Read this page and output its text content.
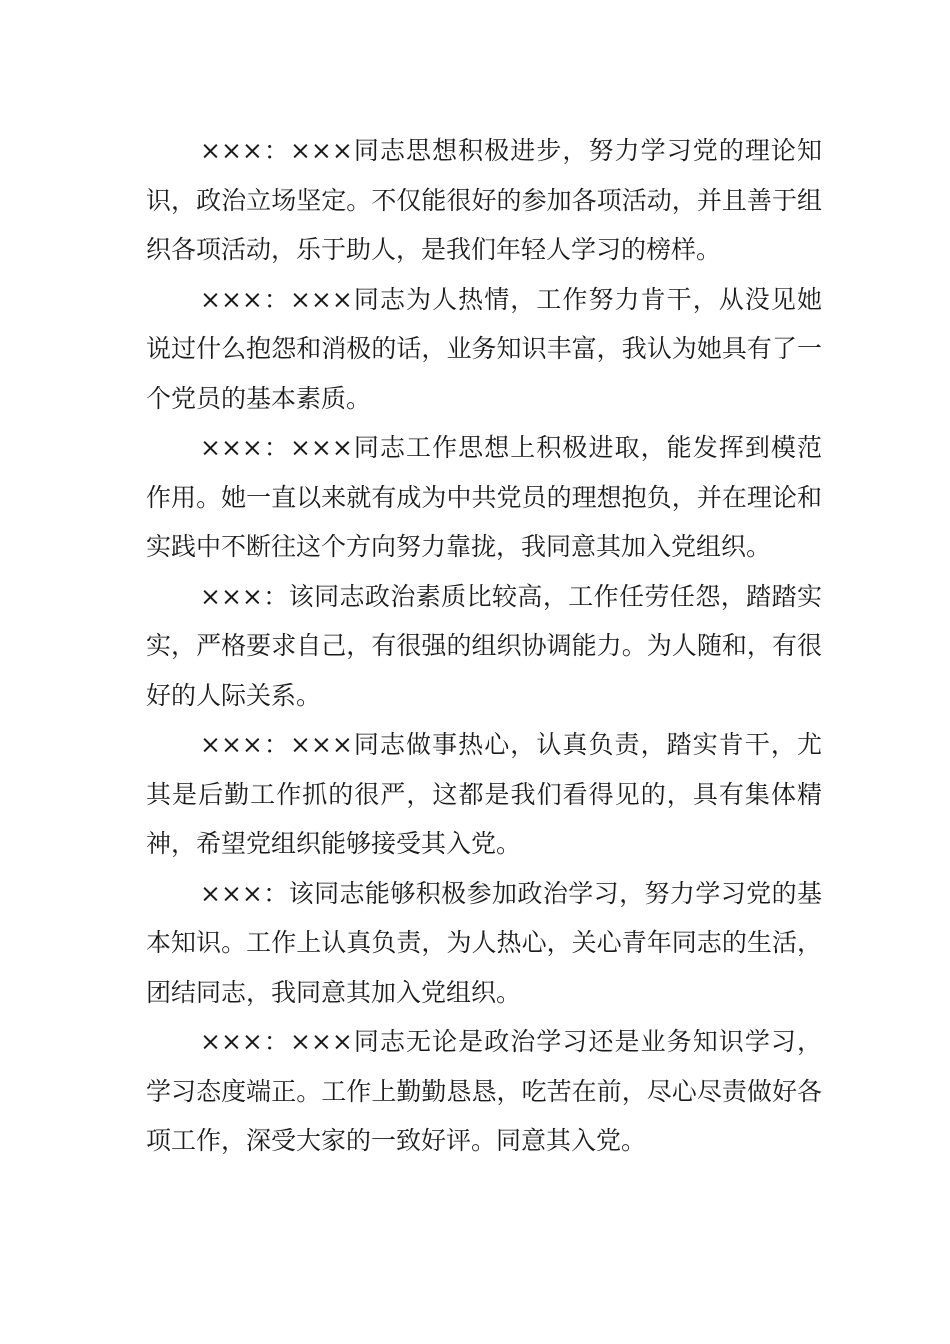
×××：×××同志思想积极进步，努力学习党的理论知识，政治立场坚定。不仅能很好的参加各项活动，并且善于组织各项活动，乐于助人，是我们年轻人学习的榜样。

×××：×××同志为人热情，工作努力肯干，从没见她说过什么抱怨和消极的话，业务知识丰富，我认为她具有了一个党员的基本素质。

×××：×××同志工作思想上积极进取，能发挥到模范作用。她一直以来就有成为中共党员的理想抱负，并在理论和实践中不断往这个方向努力靠拢，我同意其加入党组织。

×××：该同志政治素质比较高，工作任劳任怨，踏踏实实，严格要求自己，有很强的组织协调能力。为人随和，有很好的人际关系。

×××：×××同志做事热心，认真负责，踏实肯干，尤其是后勤工作抓的很严，这都是我们看得见的，具有集体精神，希望党组织能够接受其入党。

×××：该同志能够积极参加政治学习，努力学习党的基本知识。工作上认真负责，为人热心，关心青年同志的生活，团结同志，我同意其加入党组织。

×××：×××同志无论是政治学习还是业务知识学习，学习态度端正。工作上勤勤恳恳，吃苦在前，尽心尽责做好各项工作，深受大家的一致好评。同意其入党。
